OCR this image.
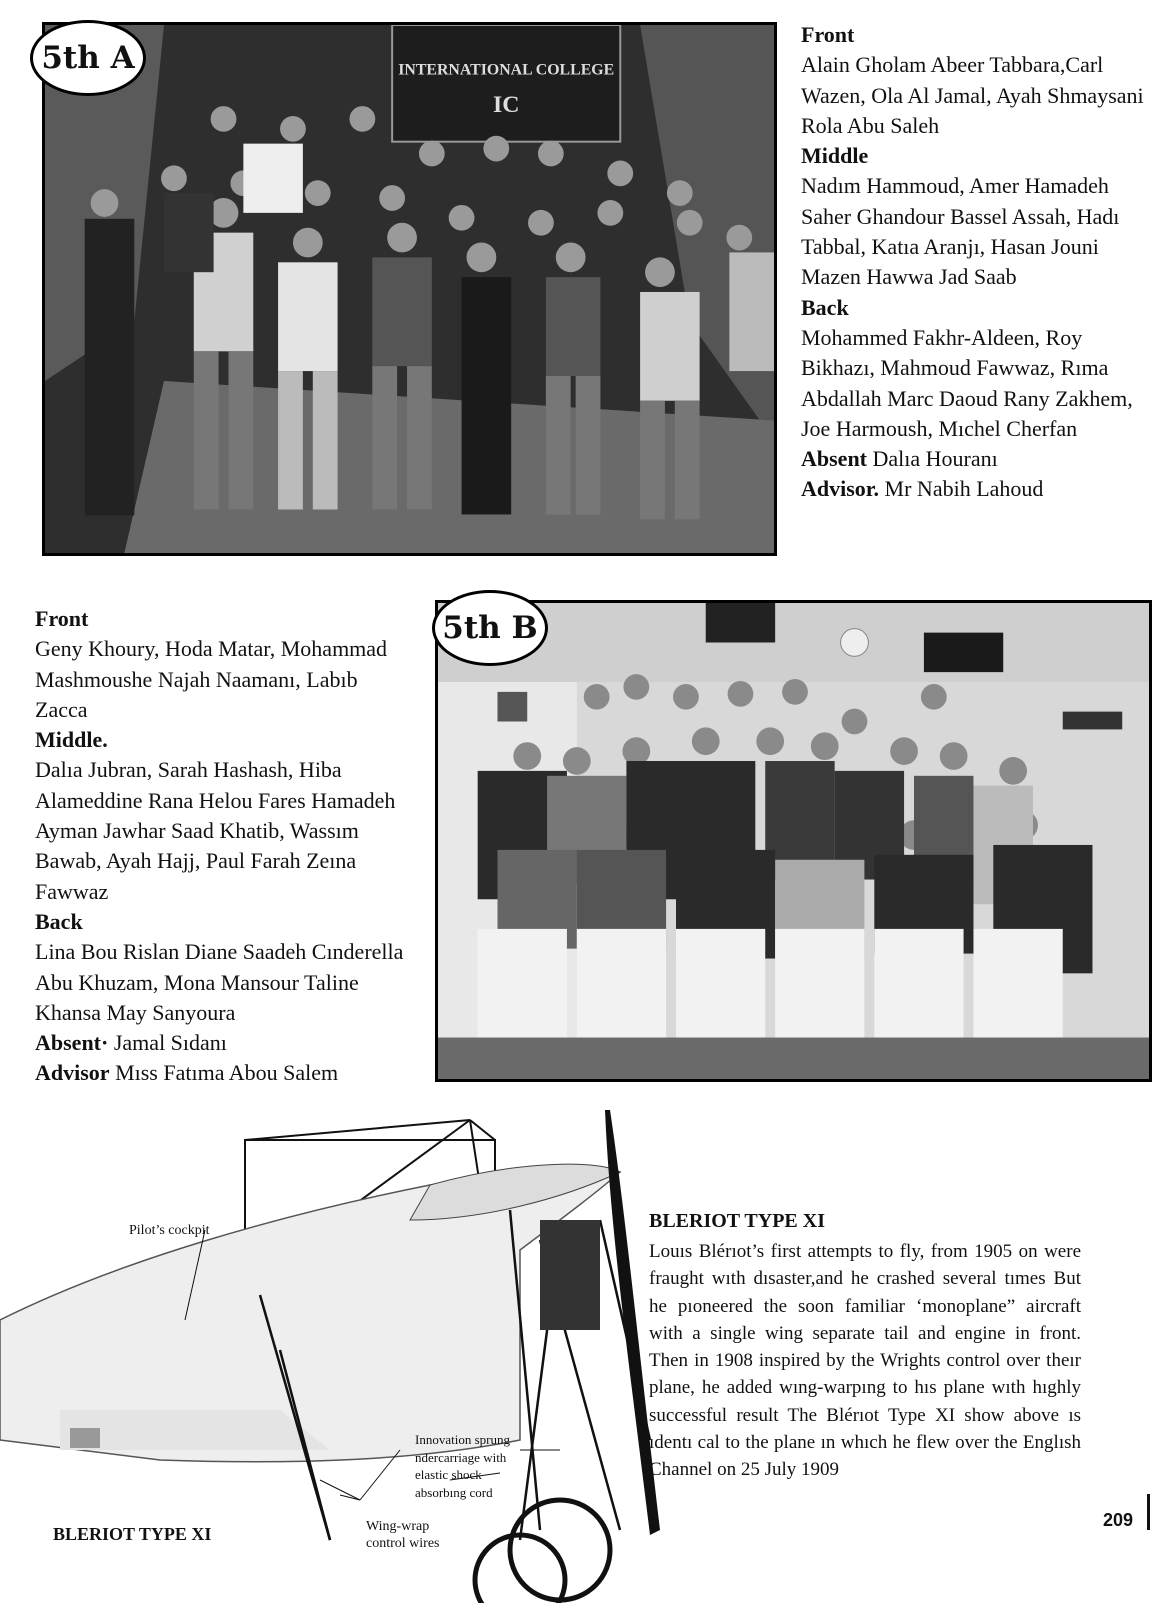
INTERNATIONAL COLLEGE
IC
5th A
Front
Alain Gholam Abeer Tabbara,Carl Wazen, Ola Al Jamal, Ayah Shmaysani Rola Abu Saleh
Middle
Nadım Hammoud, Amer Hamadeh Saher Ghandour Bassel Assah, Hadı Tabbal, Katıa Aranjı, Hasan Jouni Mazen Hawwa Jad Saab
Back
Mohammed Fakhr-Aldeen, Roy Bikhazı, Mahmoud Fawwaz, Rıma Abdallah Marc Daoud Rany Zakhem, Joe Harmoush, Mıchel Cherfan
Absent Dalıa Houranı
Advisor. Mr Nabih Lahoud
Front
Geny Khoury, Hoda Matar, Mohammad Mashmoushe Najah Naamanı, Labıb Zacca
Middle.
Dalıa Jubran, Sarah Hashash, Hiba Alameddine Rana Helou Fares Hamadeh Ayman Jawhar Saad Khatib, Wassım Bawab, Ayah Hajj, Paul Farah Zeına Fawwaz
Back
Lina Bou Rislan Diane Saadeh Cınderella Abu Khuzam, Mona Mansour Taline Khansa May Sanyoura
Absent· Jamal Sıdanı
Advisor Mıss Fatıma Abou Salem
5th B
Pilot’s cockpit
Innovation sprung ndercarriage with elastic shock absorbıng cord
Wing-wrap control wires
BLERIOT TYPE XI
Louıs Blérıot’s first attempts to fly, from 1905 on were fraught wıth dısaster,and he crashed several tımes But he pıoneered the soon familiar ‘monoplane” aircraft with a single wing separate tail and engine in front. Then in 1908 inspired by the Wrights control over theır plane, he added wıng-warpıng to hıs plane wıth hıghly successful result The Blérıot Type XI show above ıs ıdentı cal to the plane ın whıch he flew over the Englısh Channel on 25 July 1909
BLERIOT TYPE XI
209
